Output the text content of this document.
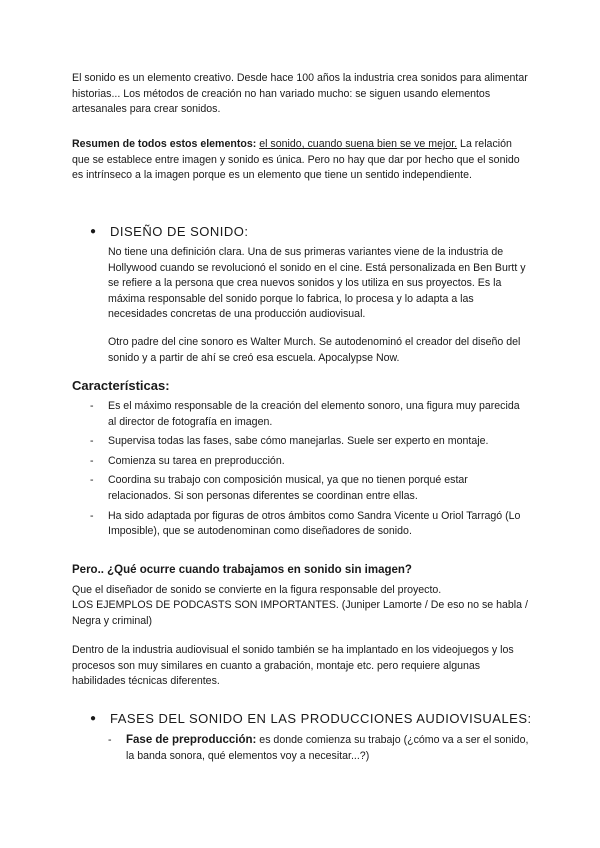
El sonido es un elemento creativo. Desde hace 100 años la industria crea sonidos para alimentar historias... Los métodos de creación no han variado mucho: se siguen usando elementos artesanales para crear sonidos.

Resumen de todos estos elementos: el sonido, cuando suena bien se ve mejor. La relación que se establece entre imagen y sonido es única. Pero no hay que dar por hecho que el sonido es intrínseco a la imagen porque es un elemento que tiene un sentido independiente.

● DISEÑO DE SONIDO:

No tiene una definición clara. Una de sus primeras variantes viene de la industria de Hollywood cuando se revolucionó el sonido en el cine. Está personalizada en Ben Burtt y se refiere a la persona que crea nuevos sonidos y los utiliza en sus proyectos. Es la máxima responsable del sonido porque lo fabrica, lo procesa y lo adapta a las necesidades concretas de una producción audiovisual.

Otro padre del cine sonoro es Walter Murch. Se autodenominó el creador del diseño del sonido y a partir de ahí se creó esa escuela. Apocalypse Now.

Características:

- Es el máximo responsable de la creación del elemento sonoro, una figura muy parecida al director de fotografía en imagen.
- Supervisa todas las fases, sabe cómo manejarlas. Suele ser experto en montaje.
- Comienza su tarea en preproducción.
- Coordina su trabajo con composición musical, ya que no tienen porqué estar relacionados. Si son personas diferentes se coordinan entre ellas.
- Ha sido adaptada por figuras de otros ámbitos como Sandra Vicente u Oriol Tarragó (Lo Imposible), que se autodenominan como diseñadores de sonido.

Pero.. ¿Qué ocurre cuando trabajamos en sonido sin imagen?

Que el diseñador de sonido se convierte en la figura responsable del proyecto.

LOS EJEMPLOS DE PODCASTS SON IMPORTANTES. (Juniper Lamorte / De eso no se habla / Negra y criminal)

Dentro de la industria audiovisual el sonido también se ha implantado en los videojuegos y los procesos son muy similares en cuanto a grabación, montaje etc. pero requiere algunas habilidades técnicas diferentes.

● FASES DEL SONIDO EN LAS PRODUCCIONES AUDIOVISUALES:
- Fase de preproducción: es donde comienza su trabajo (¿cómo va a ser el sonido, la banda sonora, qué elementos voy a necesitar...?)
